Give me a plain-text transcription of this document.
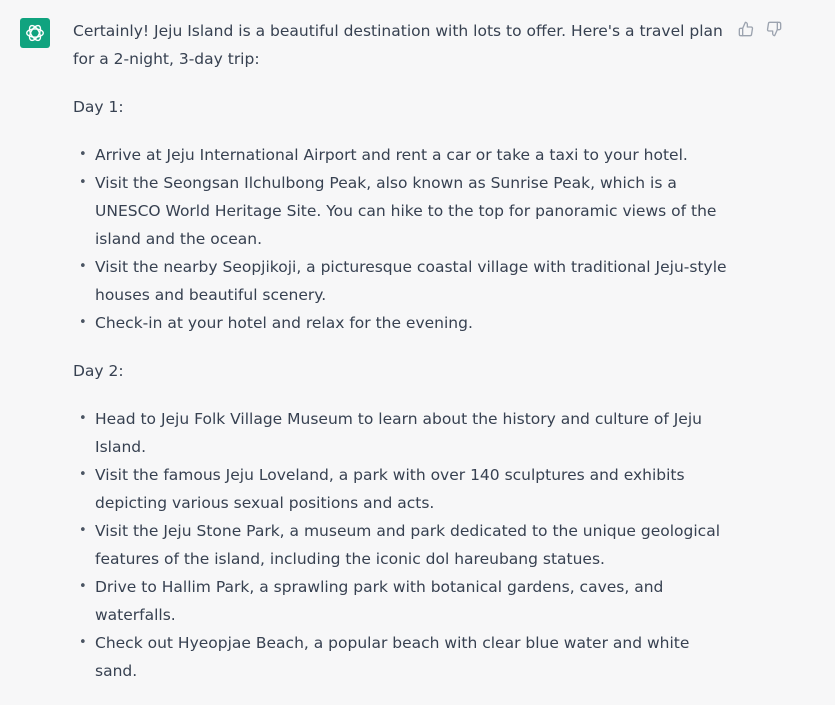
Certainly! Jeju Island is a beautiful destination with lots to offer. Here's a travel plan for a 2-night, 3-day trip:

Day 1:

• Arrive at Jeju International Airport and rent a car or take a taxi to your hotel.
• Visit the Seongsan Ilchulbong Peak, also known as Sunrise Peak, which is a UNESCO World Heritage Site. You can hike to the top for panoramic views of the island and the ocean.
• Visit the nearby Seopjikoji, a picturesque coastal village with traditional Jeju-style houses and beautiful scenery.
• Check-in at your hotel and relax for the evening.

Day 2:

• Head to Jeju Folk Village Museum to learn about the history and culture of Jeju Island.
• Visit the famous Jeju Loveland, a park with over 140 sculptures and exhibits depicting various sexual positions and acts.
• Visit the Jeju Stone Park, a museum and park dedicated to the unique geological features of the island, including the iconic dol hareubang statues.
• Drive to Hallim Park, a sprawling park with botanical gardens, caves, and waterfalls.
• Check out Hyeopjae Beach, a popular beach with clear blue water and white sand.
